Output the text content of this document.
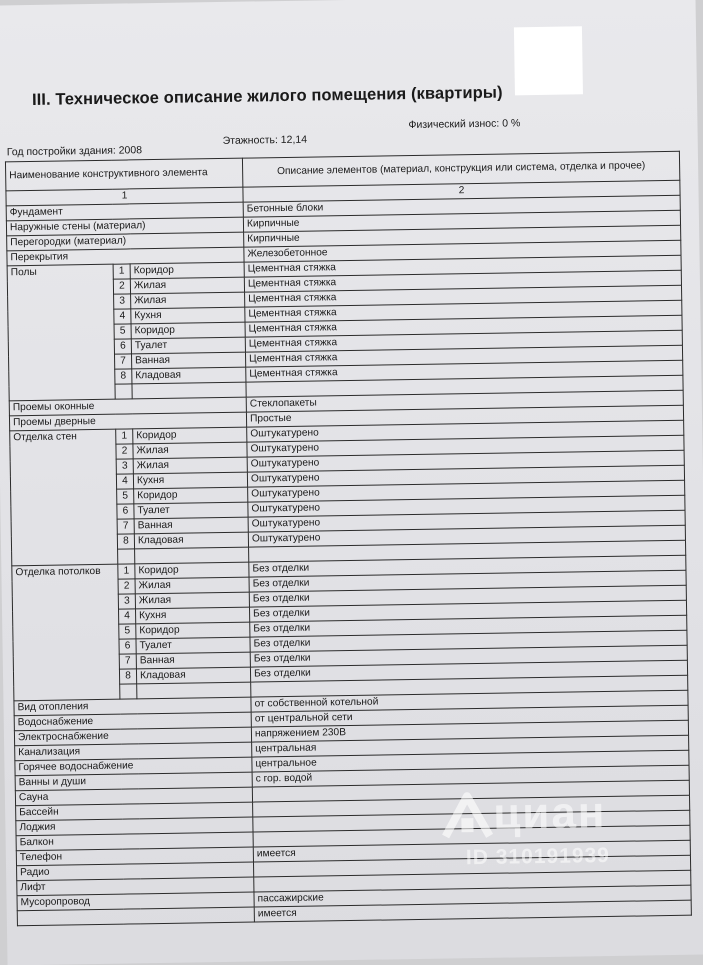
III. Техническое описание жилого помещения (квартиры)
Год постройки здания: 2008
Этажность: 12,14
Физический износ: 0 %
Наименование конструктивного элемента			Описание элементов (материал, конструкция или система, отделка и прочее)
1			2
Фундамент			Бетонные блоки
Наружные стены (материал)			Кирпичные
Перегородки (материал)			Кирпичные
Перекрытия			Железобетонное
Полы	1	Коридор	Цементная стяжка
	2	Жилая	Цементная стяжка
	3	Жилая	Цементная стяжка
	4	Кухня	Цементная стяжка
	5	Коридор	Цементная стяжка
	6	Туалет	Цементная стяжка
	7	Ванная	Цементная стяжка
	8	Кладовая	Цементная стяжка

Проемы оконные			Стеклопакеты
Проемы дверные			Простые
Отделка стен	1	Коридор	Оштукатурено
	2	Жилая	Оштукатурено
	3	Жилая	Оштукатурено
	4	Кухня	Оштукатурено
	5	Коридор	Оштукатурено
	6	Туалет	Оштукатурено
	7	Ванная	Оштукатурено
	8	Кладовая	Оштукатурено

Отделка потолков	1	Коридор	Без отделки
	2	Жилая	Без отделки
	3	Жилая	Без отделки
	4	Кухня	Без отделки
	5	Коридор	Без отделки
	6	Туалет	Без отделки
	7	Ванная	Без отделки
	8	Кладовая	Без отделки

Вид отопления			от собственной котельной
Водоснабжение			от центральной сети
Электроснабжение			напряжением 230В
Канализация			центральная
Горячее водоснабжение			центральное
Ванны и души			с гор. водой
Сауна			
Бассейн			
Лоджия			
Балкон			
Телефон			имеется
Радио			
Лифт			
Мусоропровод			пассажирские
			имеется
циан
ID 310191939
